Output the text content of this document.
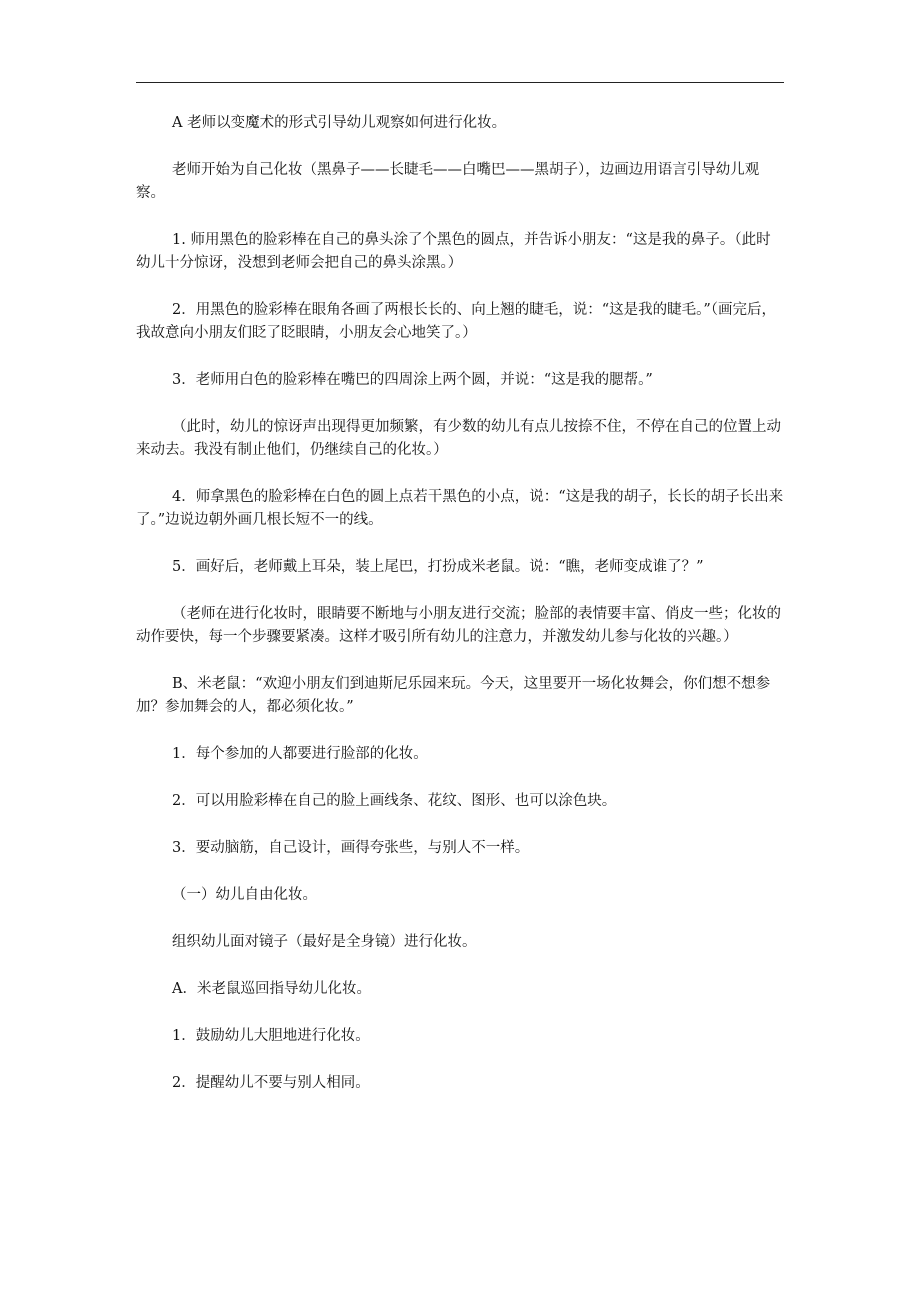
A 老师以变魔术的形式引导幼儿观察如何进行化妆。

老师开始为自己化妆（黑鼻子——长睫毛——白嘴巴——黑胡子），边画边用语言引导幼儿观察。

1. 师用黑色的脸彩棒在自己的鼻头涂了个黑色的圆点，并告诉小朋友：“这是我的鼻子。（此时幼儿十分惊讶，没想到老师会把自己的鼻头涂黑。）

2．用黑色的脸彩棒在眼角各画了两根长长的、向上翘的睫毛，说：“这是我的睫毛。”（画完后，我故意向小朋友们眨了眨眼睛，小朋友会心地笑了。）

3．老师用白色的脸彩棒在嘴巴的四周涂上两个圆，并说：“这是我的腮帮。”

（此时，幼儿的惊讶声出现得更加频繁，有少数的幼儿有点儿按捺不住，不停在自己的位置上动来动去。我没有制止他们，仍继续自己的化妆。）

4．师拿黑色的脸彩棒在白色的圆上点若干黑色的小点，说：“这是我的胡子，长长的胡子长出来了。”边说边朝外画几根长短不一的线。

5．画好后，老师戴上耳朵，装上尾巴，打扮成米老鼠。说：“瞧，老师变成谁了？”

（老师在进行化妆时，眼睛要不断地与小朋友进行交流；脸部的表情要丰富、俏皮一些；化妆的动作要快，每一个步骤要紧凑。这样才吸引所有幼儿的注意力，并激发幼儿参与化妆的兴趣。）

B、米老鼠：“欢迎小朋友们到迪斯尼乐园来玩。今天，这里要开一场化妆舞会，你们想不想参加？参加舞会的人，都必须化妆。”

1．每个参加的人都要进行脸部的化妆。

2．可以用脸彩棒在自己的脸上画线条、花纹、图形、也可以涂色块。

3．要动脑筋，自己设计，画得夸张些，与别人不一样。

（一）幼儿自由化妆。

组织幼儿面对镜子（最好是全身镜）进行化妆。

A．米老鼠巡回指导幼儿化妆。

1．鼓励幼儿大胆地进行化妆。

2．提醒幼儿不要与别人相同。
